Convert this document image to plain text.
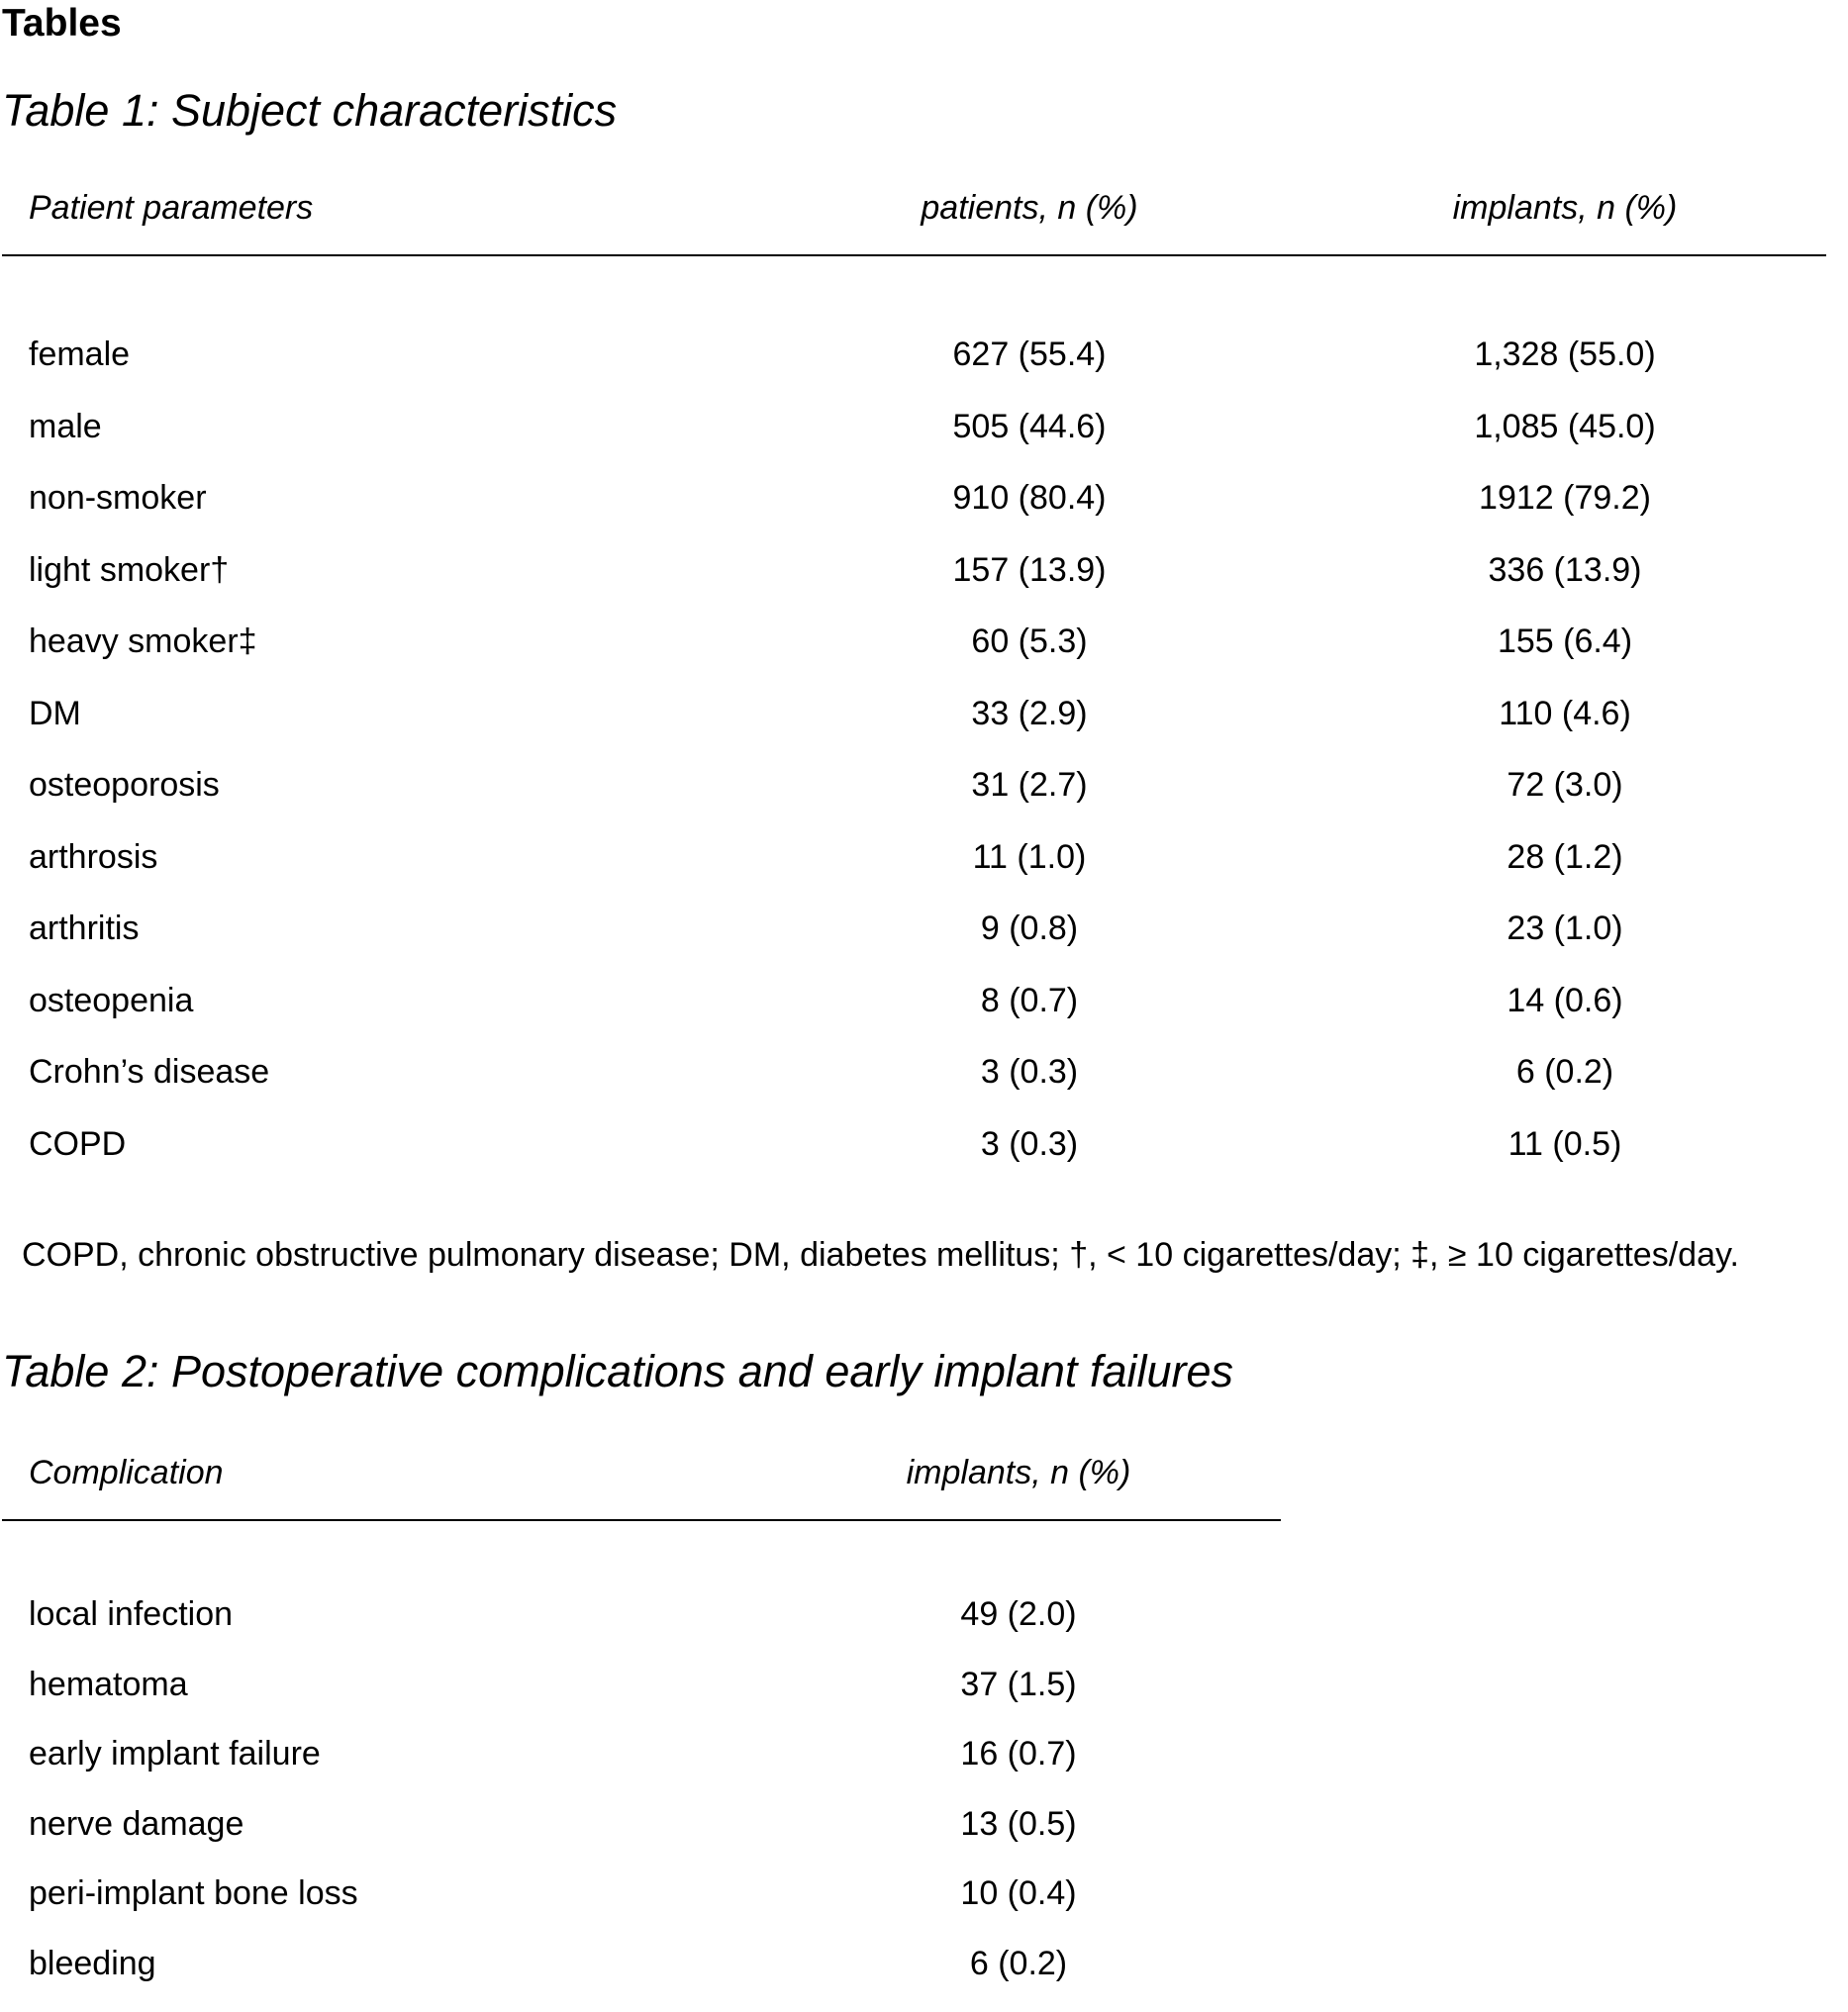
Tables
Table 1: Subject characteristics
Patient parameters	patients, n (%)	implants, n (%)
female	627 (55.4)	1,328 (55.0)
male	505 (44.6)	1,085 (45.0)
non-smoker	910 (80.4)	1912 (79.2)
light smoker†	157 (13.9)	336 (13.9)
heavy smoker‡	60 (5.3)	155 (6.4)
DM	33 (2.9)	110 (4.6)
osteoporosis	31 (2.7)	72 (3.0)
arthrosis	11 (1.0)	28 (1.2)
arthritis	9 (0.8)	23 (1.0)
osteopenia	8 (0.7)	14 (0.6)
Crohn’s disease	3 (0.3)	6 (0.2)
COPD	3 (0.3)	11 (0.5)
COPD, chronic obstructive pulmonary disease; DM, diabetes mellitus; †, < 10 cigarettes/day; ‡, ≥ 10 cigarettes/day.
Table 2: Postoperative complications and early implant failures
Complication	implants, n (%)
local infection	49 (2.0)
hematoma	37 (1.5)
early implant failure	16 (0.7)
nerve damage	13 (0.5)
peri-implant bone loss	10 (0.4)
bleeding	6 (0.2)
